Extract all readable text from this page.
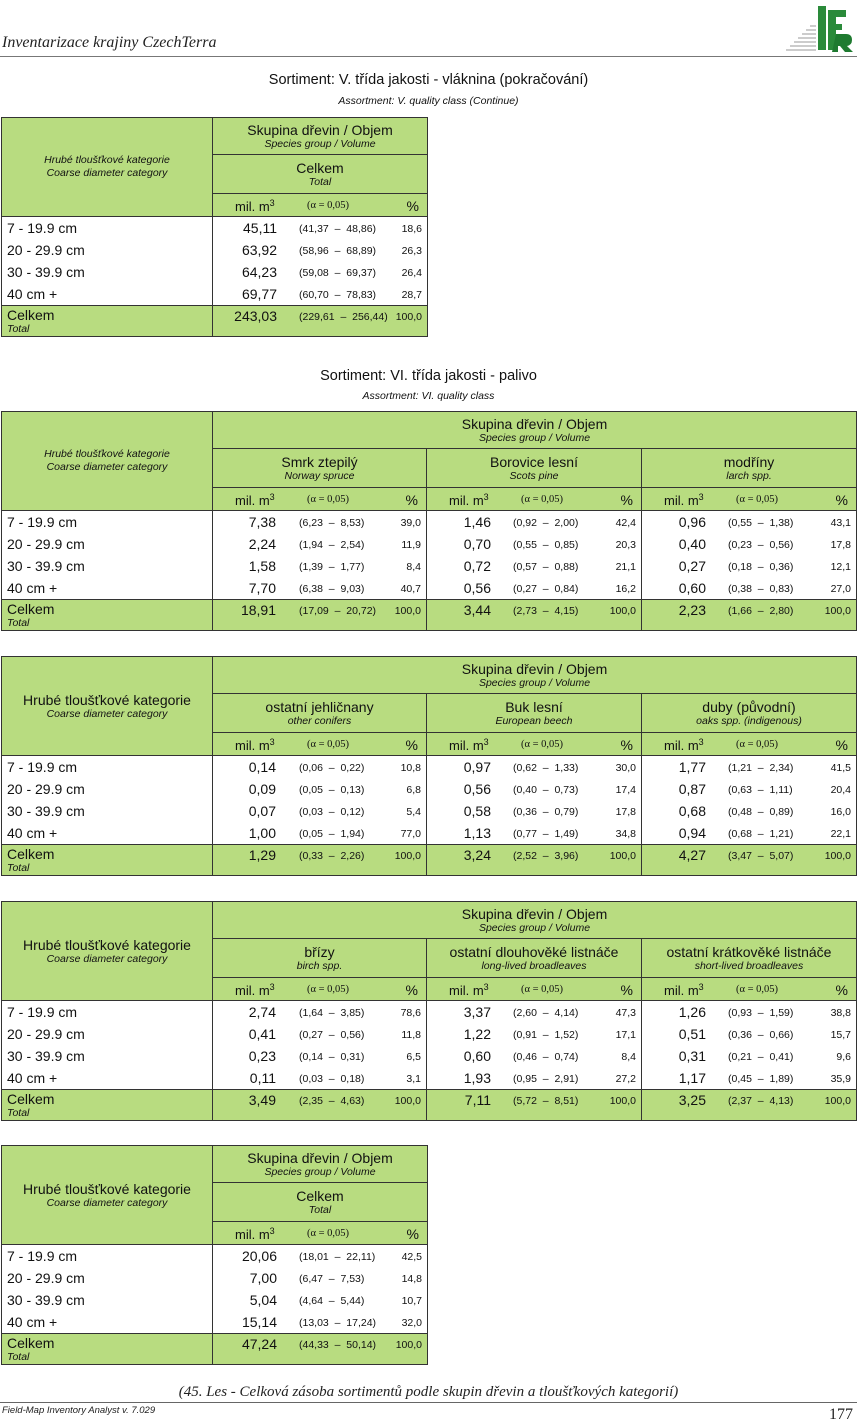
Inventarizace krajiny CzechTerra
Sortiment: V. třída jakosti - vláknina (pokračování)
Assortment: V. quality class (Continue)
Hrubé tloušťkové kategorie
Coarse diameter category	Skupina dřevin / Objem
Species group / Volume

	Celkem
Total

	mil. $m^3$ (α = 0,05) %

7 - 19.9 cm	45,11 (41,37  –  48,86) 18,6

20 - 29.9 cm	63,92 (58,96  –  68,89) 26,3

30 - 39.9 cm	64,23 (59,08  –  69,37) 26,4

40 cm +	69,77 (60,70  –  78,83) 28,7

Celkem
Total	243,03 (229,61  –  256,44) 100,0
Sortiment: VI. třída jakosti - palivo
Assortment: VI. quality class
Hrubé tloušťkové kategorie
Coarse diameter category	Skupina dřevin / Objem
Species group / Volume		

	Smrk ztepilý
Norway spruce	Borovice lesní
Scots pine	modříny
larch spp.

	mil. $m^3$ (α = 0,05) %	mil. $m^3$ (α = 0,05) %	mil. $m^3$ (α = 0,05) %

7 - 19.9 cm	7,38 (6,23  –  8,53) 39,0	1,46 (0,92  –  2,00) 42,4	0,96 (0,55  –  1,38) 43,1

20 - 29.9 cm	2,24 (1,94  –  2,54) 11,9	0,70 (0,55  –  0,85) 20,3	0,40 (0,23  –  0,56) 17,8

30 - 39.9 cm	1,58 (1,39  –  1,77) 8,4	0,72 (0,57  –  0,88) 21,1	0,27 (0,18  –  0,36) 12,1

40 cm +	7,70 (6,38  –  9,03) 40,7	0,56 (0,27  –  0,84) 16,2	0,60 (0,38  –  0,83) 27,0

Celkem
Total	18,91 (17,09  –  20,72) 100,0	3,44 (2,73  –  4,15) 100,0	2,23 (1,66  –  2,80) 100,0
Hrubé tloušťkové kategorie
Coarse diameter category	Skupina dřevin / Objem
Species group / Volume		

	ostatní jehličnany
other conifers	Buk lesní
European beech	duby (původní)
oaks spp. (indigenous)

	mil. $m^3$ (α = 0,05) %	mil. $m^3$ (α = 0,05) %	mil. $m^3$ (α = 0,05) %

7 - 19.9 cm	0,14 (0,06  –  0,22) 10,8	0,97 (0,62  –  1,33) 30,0	1,77 (1,21  –  2,34) 41,5

20 - 29.9 cm	0,09 (0,05  –  0,13) 6,8	0,56 (0,40  –  0,73) 17,4	0,87 (0,63  –  1,11) 20,4

30 - 39.9 cm	0,07 (0,03  –  0,12) 5,4	0,58 (0,36  –  0,79) 17,8	0,68 (0,48  –  0,89) 16,0

40 cm +	1,00 (0,05  –  1,94) 77,0	1,13 (0,77  –  1,49) 34,8	0,94 (0,68  –  1,21) 22,1

Celkem
Total	1,29 (0,33  –  2,26) 100,0	3,24 (2,52  –  3,96) 100,0	4,27 (3,47  –  5,07) 100,0
Hrubé tloušťkové kategorie
Coarse diameter category	Skupina dřevin / Objem
Species group / Volume		

	břízy
birch spp.	ostatní dlouhověké listnáče
long-lived broadleaves	ostatní krátkověké listnáče
short-lived broadleaves

	mil. $m^3$ (α = 0,05) %	mil. $m^3$ (α = 0,05) %	mil. $m^3$ (α = 0,05) %

7 - 19.9 cm	2,74 (1,64  –  3,85) 78,6	3,37 (2,60  –  4,14) 47,3	1,26 (0,93  –  1,59) 38,8

20 - 29.9 cm	0,41 (0,27  –  0,56) 11,8	1,22 (0,91  –  1,52) 17,1	0,51 (0,36  –  0,66) 15,7

30 - 39.9 cm	0,23 (0,14  –  0,31) 6,5	0,60 (0,46  –  0,74) 8,4	0,31 (0,21  –  0,41) 9,6

40 cm +	0,11 (0,03  –  0,18) 3,1	1,93 (0,95  –  2,91) 27,2	1,17 (0,45  –  1,89) 35,9

Celkem
Total	3,49 (2,35  –  4,63) 100,0	7,11 (5,72  –  8,51) 100,0	3,25 (2,37  –  4,13) 100,0
Hrubé tloušťkové kategorie
Coarse diameter category	Skupina dřevin / Objem
Species group / Volume

	Celkem
Total

	mil. $m^3$ (α = 0,05) %

7 - 19.9 cm	20,06 (18,01  –  22,11) 42,5

20 - 29.9 cm	7,00 (6,47  –  7,53) 14,8

30 - 39.9 cm	5,04 (4,64  –  5,44) 10,7

40 cm +	15,14 (13,03  –  17,24) 32,0

Celkem
Total	47,24 (44,33  –  50,14) 100,0
(45. Les - Celková zásoba sortimentů podle skupin dřevin a tloušťkových kategorií)
Field-Map Inventory Analyst v. 7.029	177
